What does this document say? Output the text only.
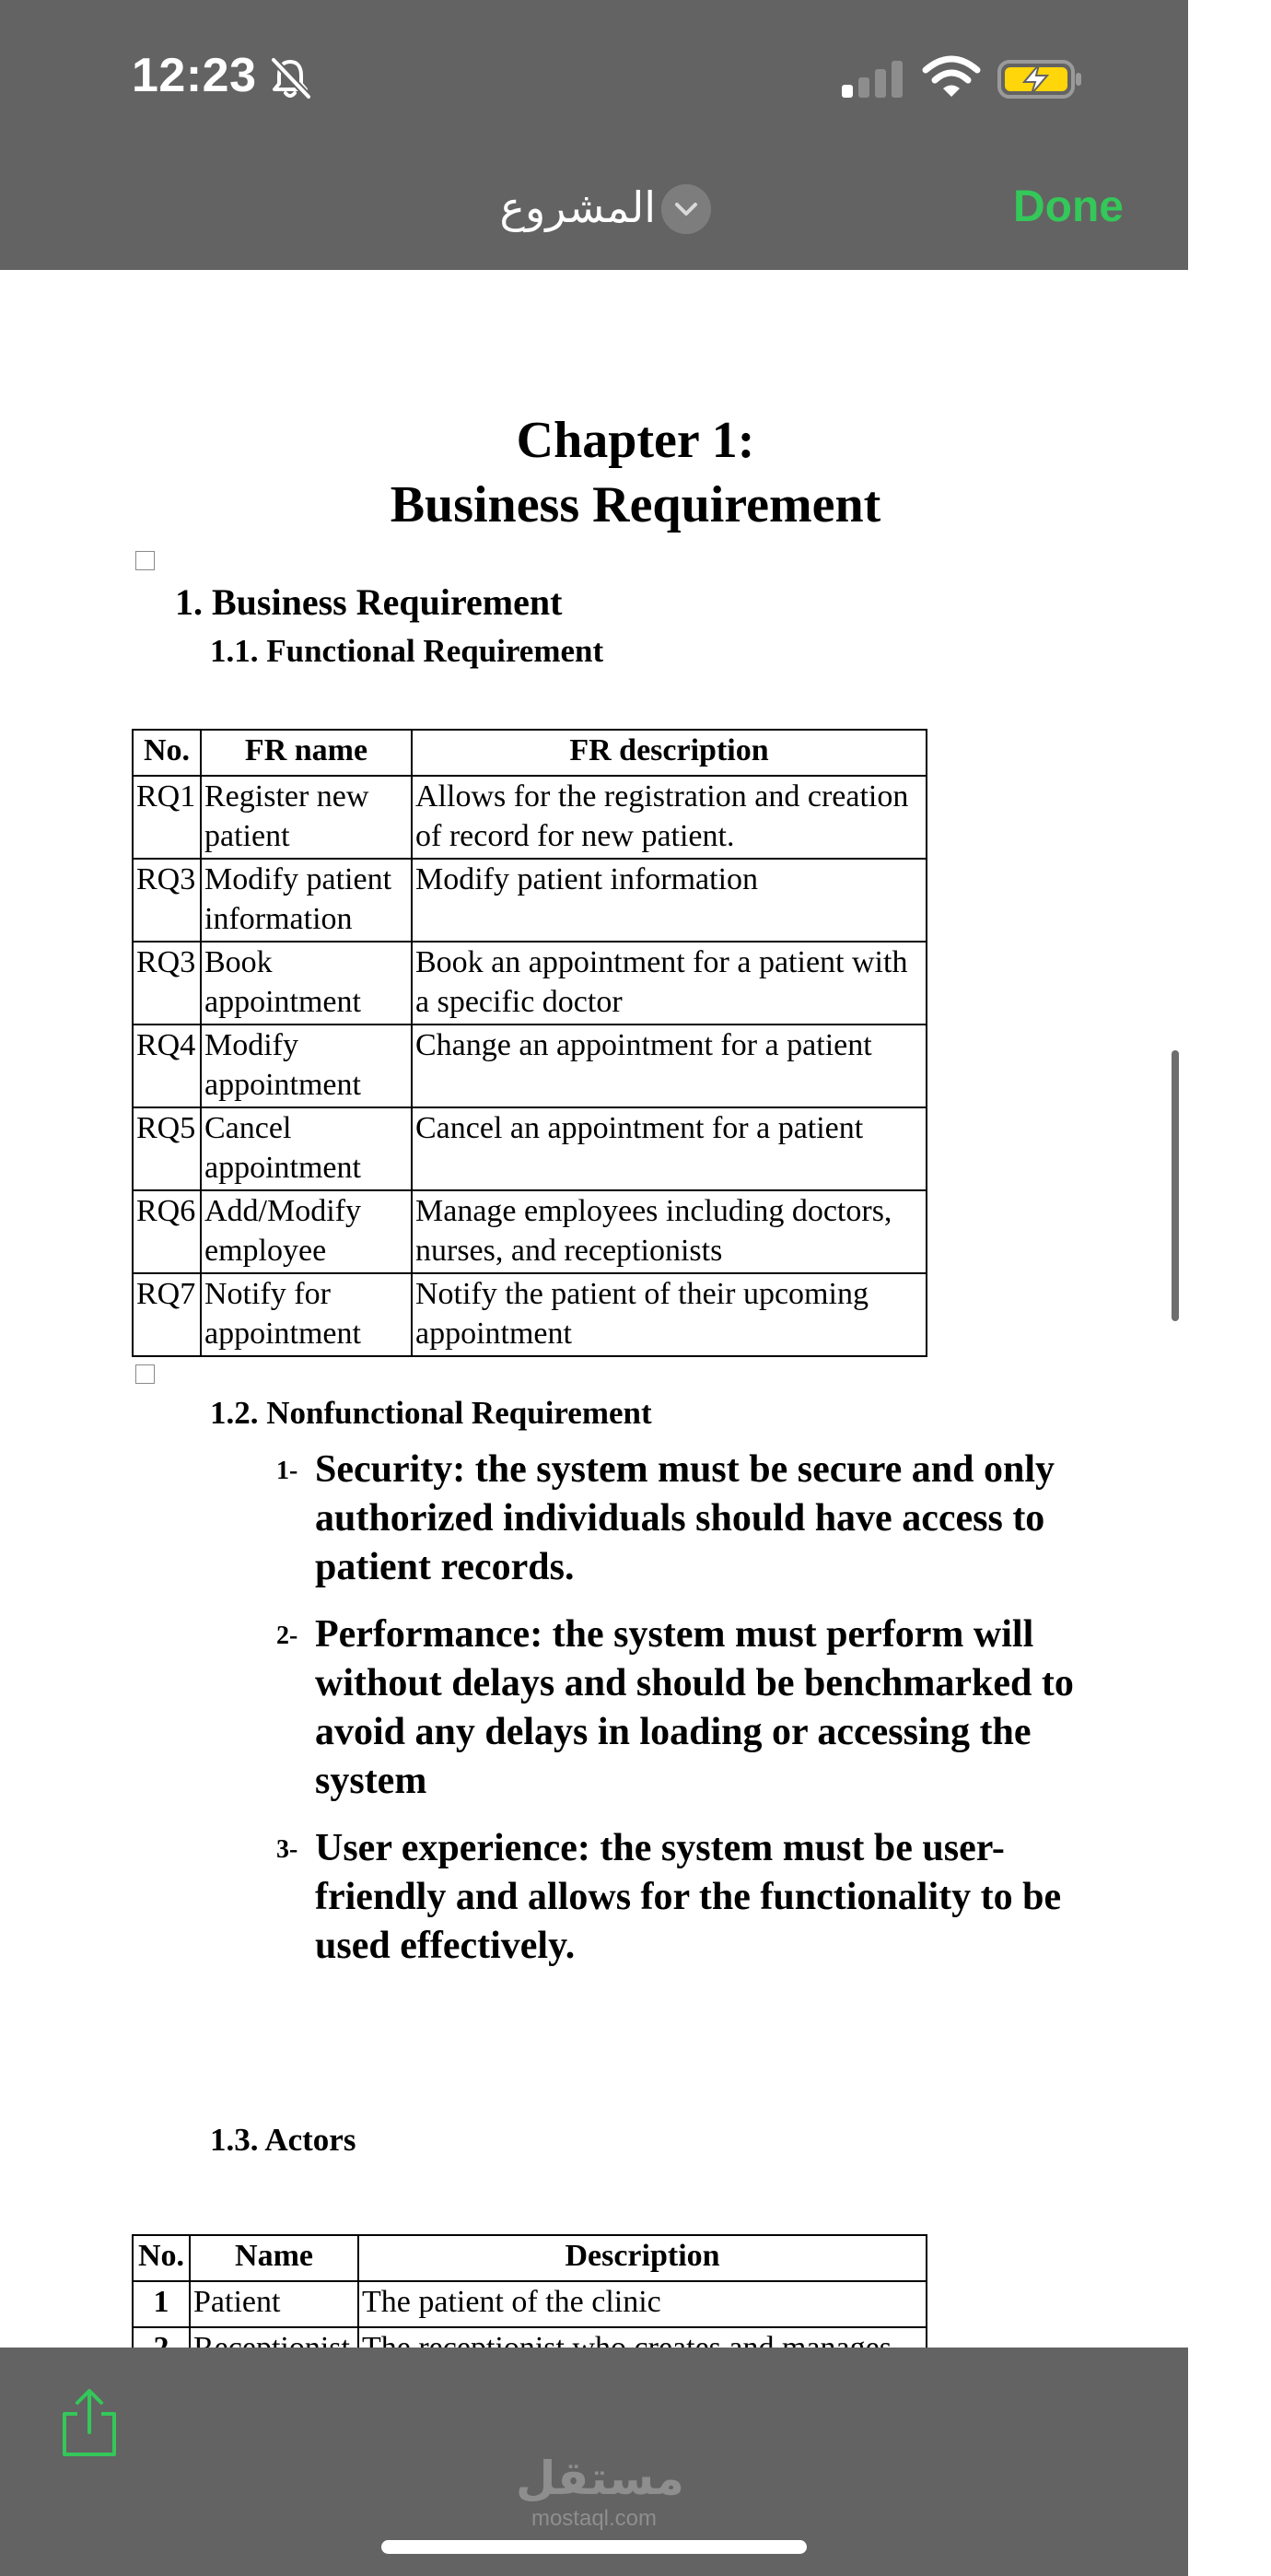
12:23
المشروع	Done
Chapter 1:
Business Requirement
1. Business Requirement
1.1. Functional Requirement
No.	FR name	FR description
RQ1	Register new patient	Allows for the registration and creation of record for new patient.
RQ3	Modify patient information	Modify patient information
RQ3	Book appointment	Book an appointment for a patient with a specific doctor
RQ4	Modify appointment	Change an appointment for a patient
RQ5	Cancel appointment	Cancel an appointment for a patient
RQ6	Add/Modify employee	Manage employees including doctors, nurses, and receptionists
RQ7	Notify for appointment	Notify the patient of their upcoming appointment
1.2. Nonfunctional Requirement
1- Security: the system must be secure and only authorized individuals should have access to patient records.
2- Performance: the system must perform will without delays and should be benchmarked to avoid any delays in loading or accessing the system
3- User experience: the system must be user-friendly and allows for the functionality to be used effectively.
1.3. Actors
No.	Name	Description
1	Patient	The patient of the clinic

مستقل
mostaql.com
